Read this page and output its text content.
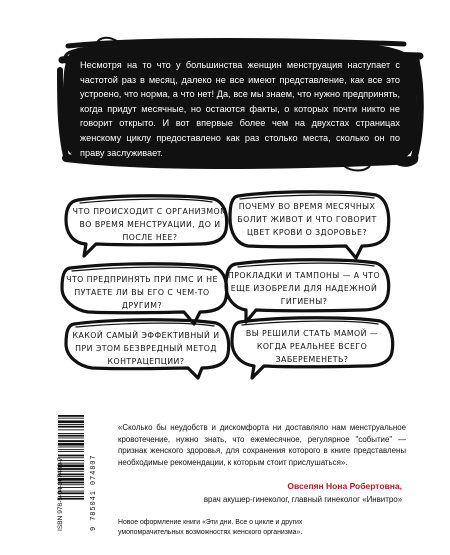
Несмотря на то что у большинства женщин менструация наступает с частотой раз в месяц, далеко не все имеют представление, как все это устроено, что норма, а что нет! Да, все мы знаем, что нужно предпринять, когда придут месячные, но остаются факты, о которых почти никто не говорит открыто. И вот впервые более чем на двухстах страницах женскому циклу предоставлено как раз столько места, сколько он по праву заслуживает.

ЧТО ПРОИСХОДИТ С ОРГАНИЗМОМ ВО ВРЕМЯ МЕНСТРУАЦИИ, ДО И ПОСЛЕ НЕЕ?

ПОЧЕМУ ВО ВРЕМЯ МЕСЯЧНЫХ БОЛИТ ЖИВОТ И ЧТО ГОВОРИТ ЦВЕТ КРОВИ О ЗДОРОВЬЕ?

ЧТО ПРЕДПРИНЯТЬ ПРИ ПМС И НЕ ПУТАЕТЕ ЛИ ВЫ ЕГО С ЧЕМ-ТО ДРУГИМ?

ПРОКЛАДКИ И ТАМПОНЫ — А ЧТО ЕЩЕ ИЗОБРЕЛИ ДЛЯ НАДЕЖНОЙ ГИГИЕНЫ?

КАКОЙ САМЫЙ ЭФФЕКТИВНЫЙ И ПРИ ЭТОМ БЕЗВРЕДНЫЙ МЕТОД КОНТРАЦЕПЦИИ?

ВЫ РЕШИЛИ СТАТЬ МАМОЙ — КОГДА РЕАЛЬНЕЕ ВСЕГО ЗАБЕРЕМЕНЕТЬ?

ISBN 978-5-04-107480-7	9 785041 074807

«Сколько бы неудобств и дискомфорта ни доставляло нам менструальное кровотечение, нужно знать, что ежемесячное, регулярное "событие" — признак женского здоровья, для сохранения которого в книге представлены необходимые рекомендации, к которым стоит прислушаться».

Овсепян Нона Робертовна,

врач акушер-гинеколог, главный гинеколог «Инвитро»

Новое оформление книги «Эти дни. Все о цикле и других умопомрачительных возможностях женского организма».
